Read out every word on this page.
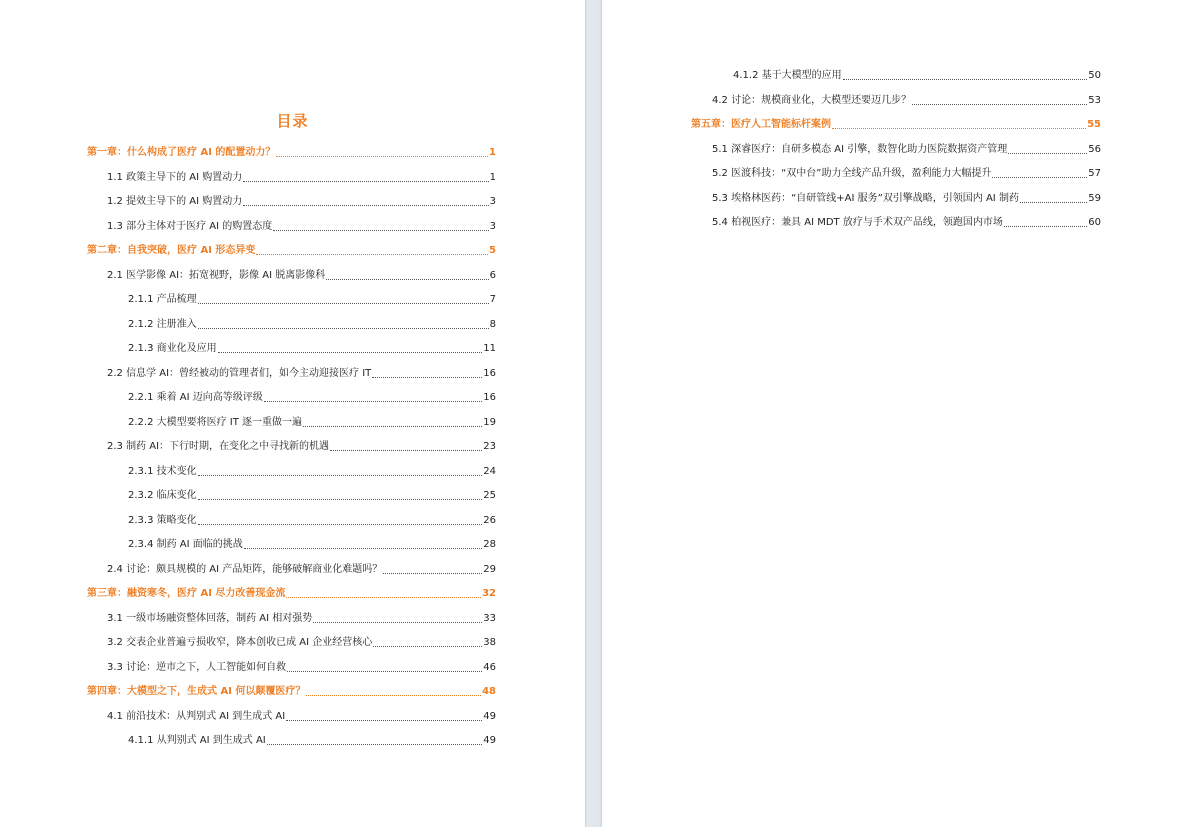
目录
第一章：什么构成了医疗 AI 的配置动力？	1
1.1 政策主导下的 AI 购置动力	1
1.2 提效主导下的 AI 购置动力	3
1.3 部分主体对于医疗 AI 的购置态度	3
第二章：自我突破，医疗 AI 形态异变	5
2.1 医学影像 AI：拓宽视野，影像 AI 脱离影像科	6
2.1.1 产品梳理	7
2.1.2 注册准入	8
2.1.3 商业化及应用	11
2.2 信息学 AI：曾经被动的管理者们，如今主动迎接医疗 IT	16
2.2.1 乘着 AI 迈向高等级评级	16
2.2.2 大模型要将医疗 IT 逐一重做一遍	19
2.3 制药 AI：下行时期，在变化之中寻找新的机遇	23
2.3.1 技术变化	24
2.3.2 临床变化	25
2.3.3 策略变化	26
2.3.4 制药 AI 面临的挑战	28
2.4 讨论：颇具规模的 AI 产品矩阵，能够破解商业化难题吗？	29
第三章：融资寒冬，医疗 AI 尽力改善现金流	32
3.1 一级市场融资整体回落，制药 AI 相对强势	33
3.2 交表企业普遍亏损收窄，降本创收已成 AI 企业经营核心	38
3.3 讨论：逆市之下，人工智能如何自救	46
第四章：大模型之下，生成式 AI 何以颠覆医疗？	48
4.1 前沿技术：从判别式 AI 到生成式 AI	49
4.1.1 从判别式 AI 到生成式 AI	49
4.1.2 基于大模型的应用	50
4.2 讨论：规模商业化，大模型还要迈几步？	53
第五章：医疗人工智能标杆案例	55
5.1 深睿医疗：自研多模态 AI 引擎，数智化助力医院数据资产管理	56
5.2 医渡科技：“双中台”助力全线产品升级，盈利能力大幅提升	57
5.3 埃格林医药：“自研管线+AI 服务”双引擎战略，引领国内 AI 制药	59
5.4 柏视医疗：兼具 AI MDT 放疗与手术双产品线，领跑国内市场	60
